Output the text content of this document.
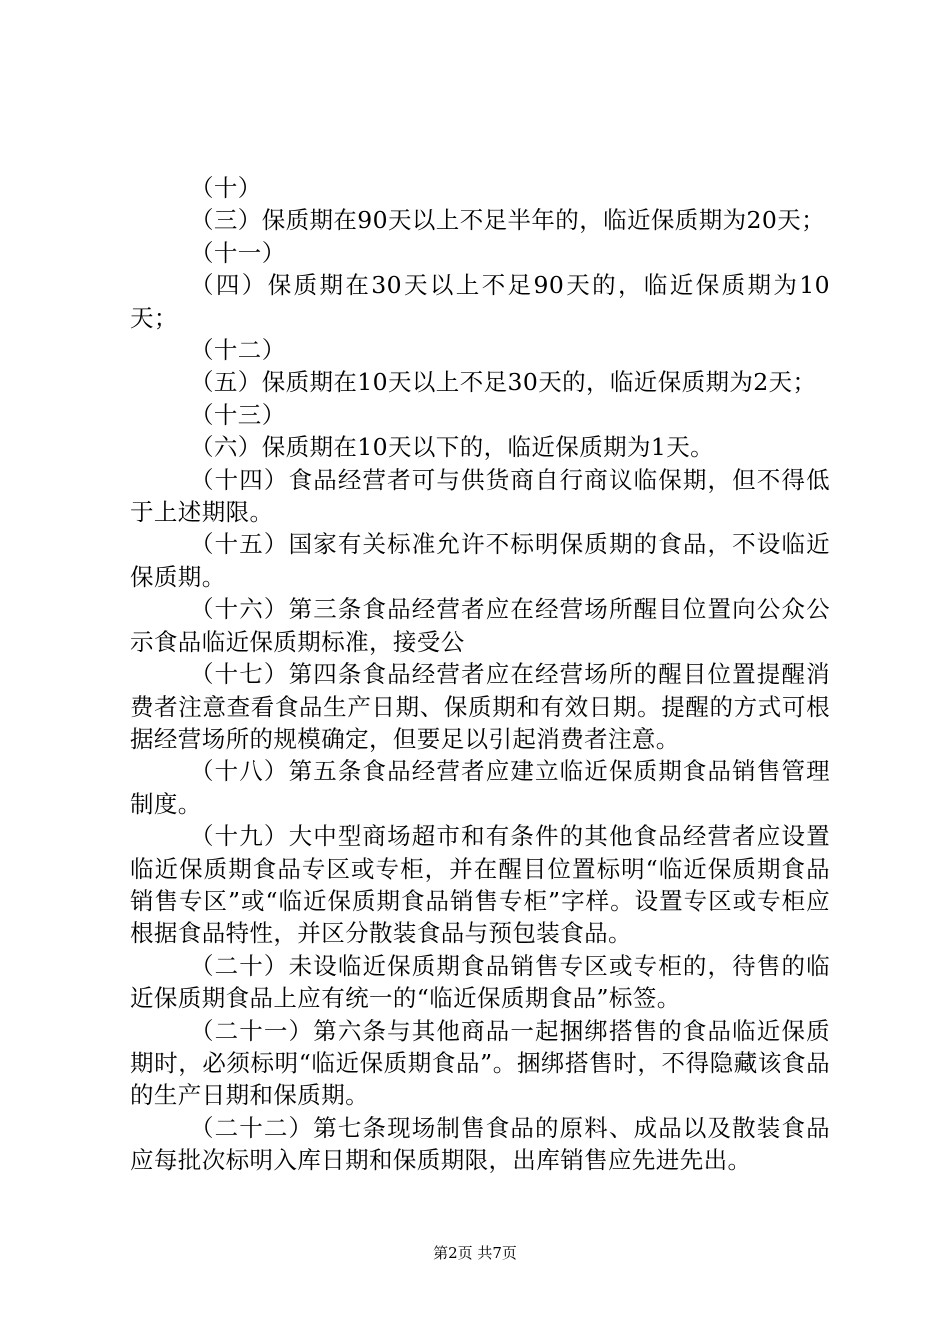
（十）

（三）保质期在90天以上不足半年的，临近保质期为20天；

（十一）

（四）保质期在30天以上不足90天的，临近保质期为10天；

（十二）

（五）保质期在10天以上不足30天的，临近保质期为2天；

（十三）

（六）保质期在10天以下的，临近保质期为1天。

（十四）食品经营者可与供货商自行商议临保期，但不得低于上述期限。

（十五）国家有关标准允许不标明保质期的食品，不设临近保质期。

（十六）第三条食品经营者应在经营场所醒目位置向公众公示食品临近保质期标准，接受公

（十七）第四条食品经营者应在经营场所的醒目位置提醒消费者注意查看食品生产日期、保质期和有效日期。提醒的方式可根据经营场所的规模确定，但要足以引起消费者注意。

（十八）第五条食品经营者应建立临近保质期食品销售管理制度。

（十九）大中型商场超市和有条件的其他食品经营者应设置临近保质期食品专区或专柜，并在醒目位置标明“临近保质期食品销售专区”或“临近保质期食品销售专柜”字样。设置专区或专柜应根据食品特性，并区分散装食品与预包装食品。

（二十）未设临近保质期食品销售专区或专柜的，待售的临近保质期食品上应有统一的“临近保质期食品”标签。

（二十一）第六条与其他商品一起捆绑搭售的食品临近保质期时，必须标明“临近保质期食品”。捆绑搭售时，不得隐藏该食品的生产日期和保质期。

（二十二）第七条现场制售食品的原料、成品以及散装食品应每批次标明入库日期和保质期限，出库销售应先进先出。

第2页 共7页
